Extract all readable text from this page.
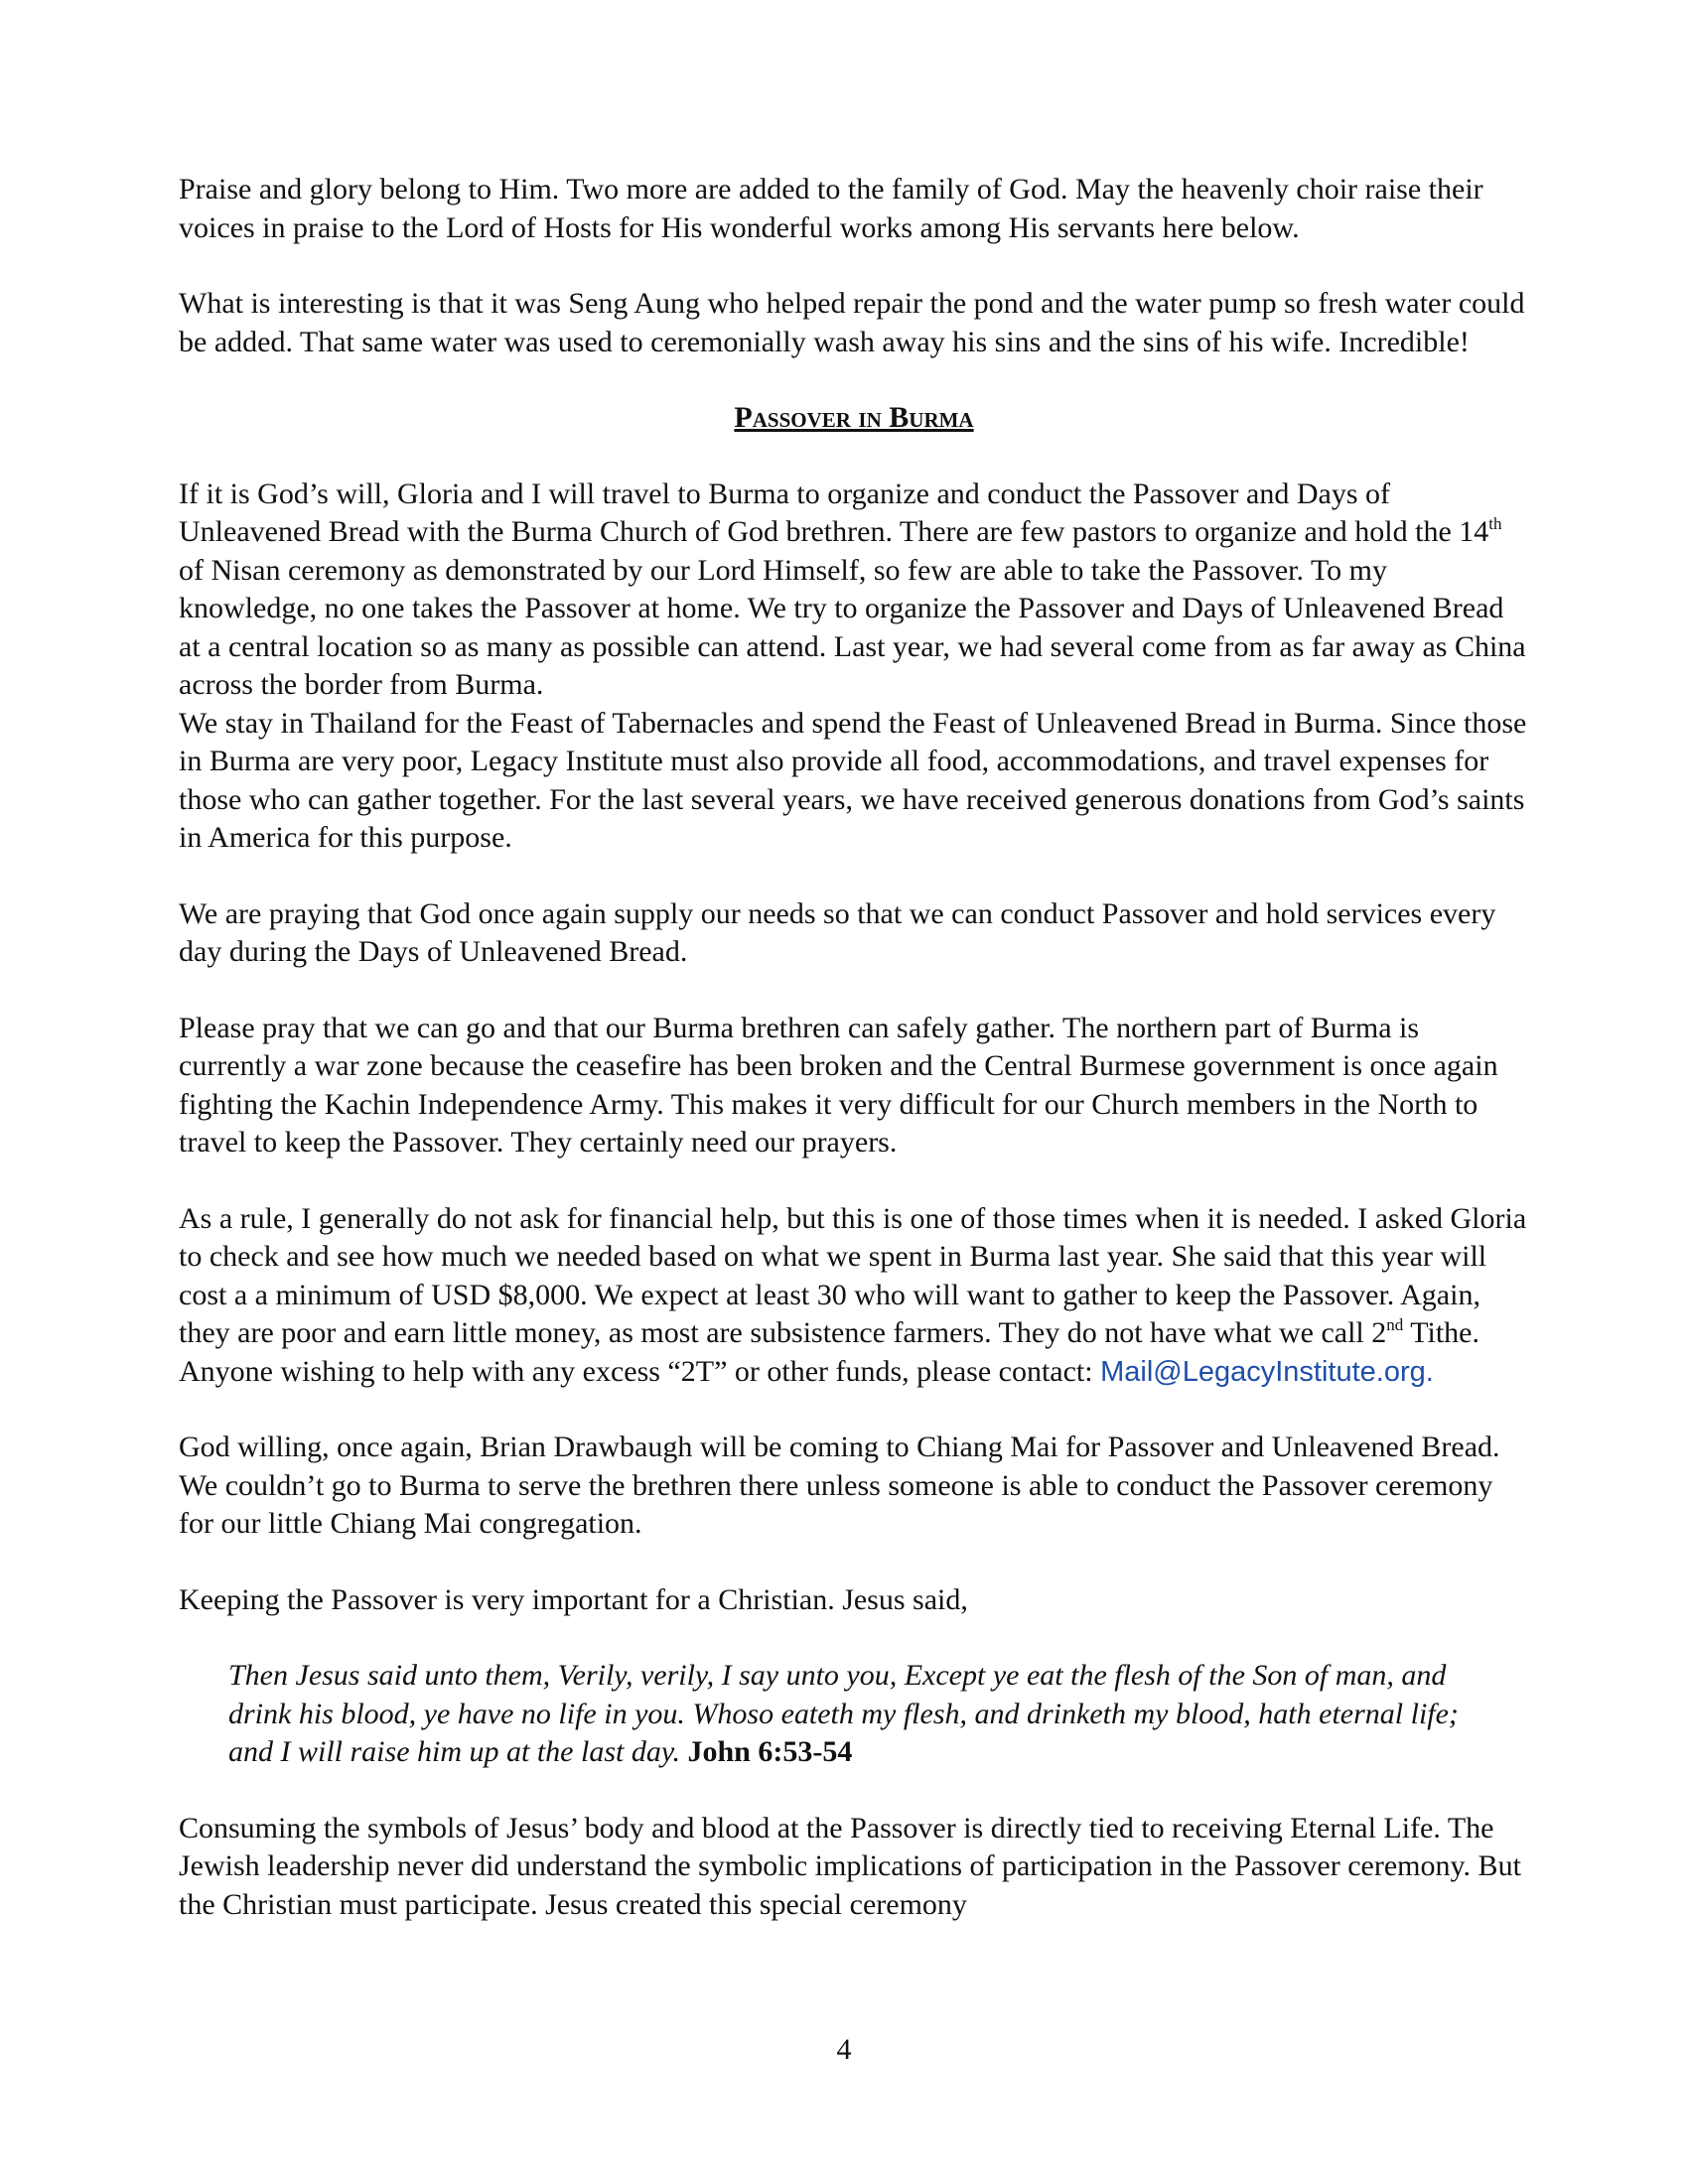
Praise and glory belong to Him. Two more are added to the family of God. May the heavenly choir raise their voices in praise to the Lord of Hosts for His wonderful works among His servants here below.

What is interesting is that it was Seng Aung who helped repair the pond and the water pump so fresh water could be added. That same water was used to ceremonially wash away his sins and the sins of his wife. Incredible!

Passover in Burma

If it is God’s will, Gloria and I will travel to Burma to organize and conduct the Passover and Days of Unleavened Bread with the Burma Church of God brethren. There are few pastors to organize and hold the 14th of Nisan ceremony as demonstrated by our Lord Himself, so few are able to take the Passover. To my knowledge, no one takes the Passover at home. We try to organize the Passover and Days of Unleavened Bread at a central location so as many as possible can attend. Last year, we had several come from as far away as China across the border from Burma.
We stay in Thailand for the Feast of Tabernacles and spend the Feast of Unleavened Bread in Burma. Since those in Burma are very poor, Legacy Institute must also provide all food, accommodations, and travel expenses for those who can gather together. For the last several years, we have received generous donations from God’s saints in America for this purpose.

We are praying that God once again supply our needs so that we can conduct Passover and hold services every day during the Days of Unleavened Bread.

Please pray that we can go and that our Burma brethren can safely gather. The northern part of Burma is currently a war zone because the ceasefire has been broken and the Central Burmese government is once again fighting the Kachin Independence Army. This makes it very difficult for our Church members in the North to travel to keep the Passover. They certainly need our prayers.

As a rule, I generally do not ask for financial help, but this is one of those times when it is needed. I asked Gloria to check and see how much we needed based on what we spent in Burma last year. She said that this year will cost a a minimum of USD $8,000. We expect at least 30 who will want to gather to keep the Passover. Again, they are poor and earn little money, as most are subsistence farmers. They do not have what we call 2nd Tithe. Anyone wishing to help with any excess “2T” or other funds, please contact: Mail@LegacyInstitute.org.

God willing, once again, Brian Drawbaugh will be coming to Chiang Mai for Passover and Unleavened Bread. We couldn’t go to Burma to serve the brethren there unless someone is able to conduct the Passover ceremony for our little Chiang Mai congregation.

Keeping the Passover is very important for a Christian. Jesus said,

Then Jesus said unto them, Verily, verily, I say unto you, Except ye eat the flesh of the Son of man, and drink his blood, ye have no life in you. Whoso eateth my flesh, and drinketh my blood, hath eternal life; and I will raise him up at the last day. John 6:53-54

Consuming the symbols of Jesus’ body and blood at the Passover is directly tied to receiving Eternal Life. The Jewish leadership never did understand the symbolic implications of participation in the Passover ceremony. But the Christian must participate. Jesus created this special ceremony

4
